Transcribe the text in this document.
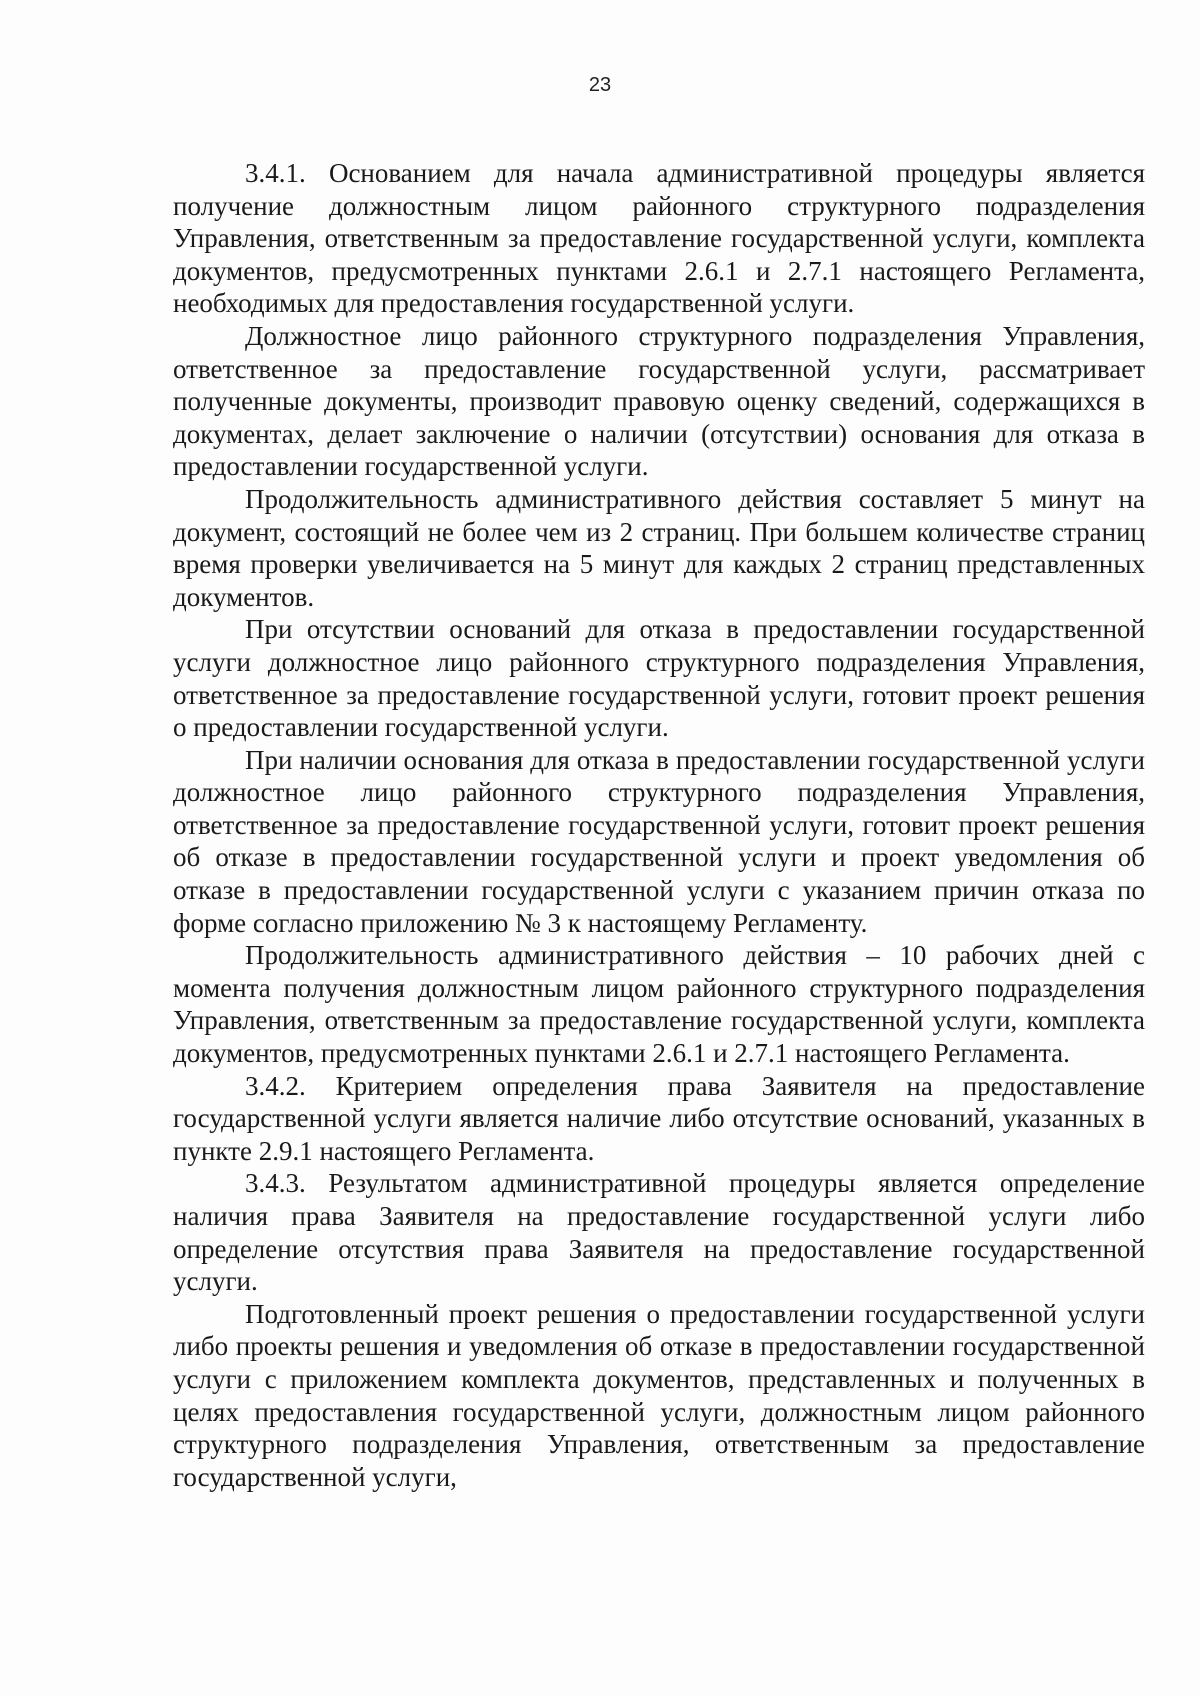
23

3.4.1. Основанием для начала административной процедуры является получение должностным лицом районного структурного подразделения Управления, ответственным за предоставление государственной услуги, комплекта документов, предусмотренных пунктами 2.6.1 и 2.7.1 настоящего Регламента, необходимых для предоставления государственной услуги.

Должностное лицо районного структурного подразделения Управления, ответственное за предоставление государственной услуги, рассматривает полученные документы, производит правовую оценку сведений, содержащихся в документах, делает заключение о наличии (отсутствии) основания для отказа в предоставлении государственной услуги.

Продолжительность административного действия составляет 5 минут на документ, состоящий не более чем из 2 страниц. При большем количестве страниц время проверки увеличивается на 5 минут для каждых 2 страниц представленных документов.

При отсутствии оснований для отказа в предоставлении государственной услуги должностное лицо районного структурного подразделения Управления, ответственное за предоставление государственной услуги, готовит проект решения о предоставлении государственной услуги.

При наличии основания для отказа в предоставлении государственной услуги должностное лицо районного структурного подразделения Управления, ответственное за предоставление государственной услуги, готовит проект решения об отказе в предоставлении государственной услуги и проект уведомления об отказе в предоставлении государственной услуги с указанием причин отказа по форме согласно приложению № 3 к настоящему Регламенту.

Продолжительность административного действия – 10 рабочих дней с момента получения должностным лицом районного структурного подразделения Управления, ответственным за предоставление государственной услуги, комплекта документов, предусмотренных пунктами 2.6.1 и 2.7.1 настоящего Регламента.

3.4.2. Критерием определения права Заявителя на предоставление государственной услуги является наличие либо отсутствие оснований, указанных в пункте 2.9.1 настоящего Регламента.

3.4.3. Результатом административной процедуры является определение наличия права Заявителя на предоставление государственной услуги либо определение отсутствия права Заявителя на предоставление государственной услуги.

Подготовленный проект решения о предоставлении государственной услуги либо проекты решения и уведомления об отказе в предоставлении государственной услуги с приложением комплекта документов, представленных и полученных в целях предоставления государственной услуги, должностным лицом районного структурного подразделения Управления, ответственным за предоставление государственной услуги,
